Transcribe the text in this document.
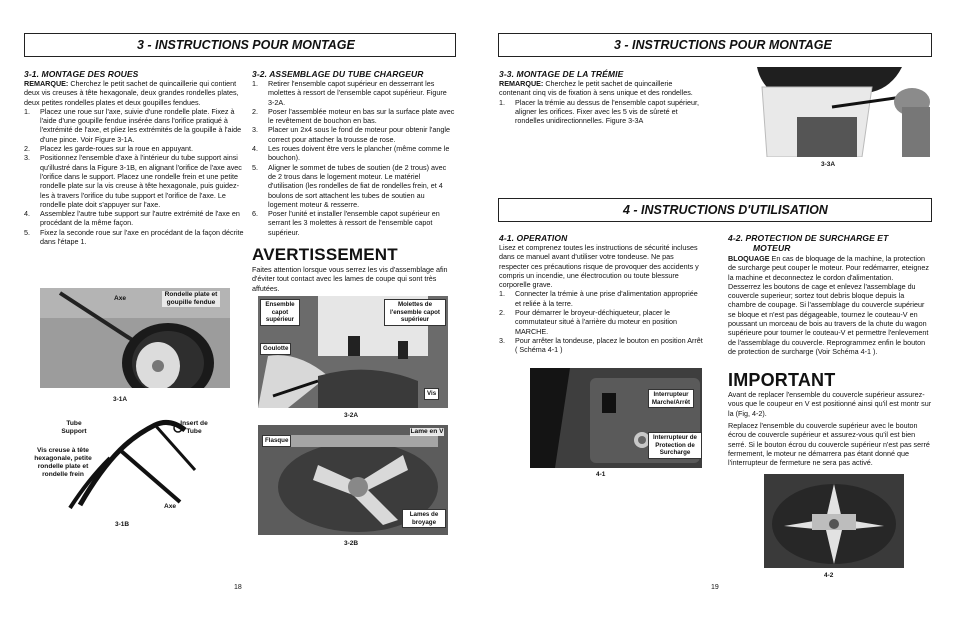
3 - INSTRUCTIONS POUR MONTAGE
3-1. MONTAGE DES ROUES

REMARQUE: Cherchez le petit sachet de quincaillerie qui contient deux vis creuses à tête hexagonale, deux grandes rondelles plates, deux petites rondelles plates et deux goupilles fendues.

1.	Placez une roue sur l'axe, suivie d'une rondelle plate. Fixez à l'aide d'une goupille fendue insérée dans l'orifice pratiqué à l'extrémité de l'axe, et pliez les extrémités de la goupille à l'aide d'une pince. Voir Figure 3-1A.
2.	Placez les garde-roues sur la roue en appuyant.
3.	Positionnez l'ensemble d'axe à l'intérieur du tube support ainsi qu'illustré dans la Figure 3-1B, en alignant l'orifice de l'axe avec l'orifice dans le support. Placez une rondelle frein et une petite rondelle plate sur la vis creuse à tête hexagonale, puis guidez-les à travers l'orifice du tube support et l'orifice de l'axe. Le rondelle plate doit s'appuyer sur l'axe.
4.	Assemblez l'autre tube support sur l'autre extrémité de l'axe en procédant de la même façon.
5.	Fixez la seconde roue sur l'axe en procédant de la façon décrite dans l'étape 1.
3-2. ASSEMBLAGE DU TUBE CHARGEUR
1.	Retirer l'ensemble capot supérieur en desserrant les molettes à ressort de l'ensemble capot supérieur. Figure 3-2A.
2.	Poser l'assemblée moteur en bas sur la surface plate avec le revêtement de bouchon en bas.
3.	Placer un 2x4 sous le fond de moteur pour obtenir l'angle correct pour attacher la trousse de rose.
4.	Les roues doivent être vers le plancher (même comme le bouchon).
5.	Aligner le sommet de tubes de soutien (de 2 trous) avec de 2 trous dans le logement moteur. Le matériel d'utilisation (les rondelles de fiat de rondelles frein, et 4 boulons de sort attachent les tubes de soutien au logement moteur & resserre.
6.	Poser l'unité et installer l'ensemble capot supérieur en serrant les 3 molettes à ressort de l'ensemble capot supérieur.
AVERTISSEMENT
Faites attention lorsque vous serrez les vis d'assemblage afin d'éviter tout contact avec les lames de coupe qui sont très affutées.
Axe
Rondelle plate et goupille fendue
3-1A
Tube Support
Insert de Tube
Vis creuse à tête hexagonale, petite rondelle plate et rondelle frein
Axe
3-1B
Ensemble capot supérieur
Molettes de l'ensemble capot supérieur
Goulotte
Vis
3-2A
Flasque
Lame en V
Lames de broyage
3-2B
18
3 - INSTRUCTIONS POUR MONTAGE
3-3. MONTAGE DE LA TRÉMIE

REMARQUE: Cherchez le petit sachet de quincaillerie contenant cinq vis de fixation à sens unique et des rondelles.

1.	Placer la trémie au dessus de l'ensemble capot supérieur, aligner les orifices. Fixer avec les 5 vis de sûreté et rondelles unidirectionnelles. Figure 3-3A
3-3A
4 - INSTRUCTIONS D'UTILISATION
4-1. OPERATION

Lisez et comprenez toutes les instructions de sécurité incluses dans ce manuel avant d'utiliser votre tondeuse. Ne pas respecter ces précautions risque de provoquer des accidents y compris un incendie, une électrocution ou toute blessure corporelle grave.

1.	Connecter la trémie à une prise d'alimentation appropriée et reliée à la terre.
2.	Pour démarrer le broyeur-déchiqueteur, placer le commutateur situé à l'arrière du moteur en position MARCHE.
3.	Pour arrêter la tondeuse, placez le bouton en position Arrêt ( Schéma 4-1 )
Interrupteur Marche/Arrêt
Interrupteur de Protection de Surcharge
4-1
4-2. PROTECTION DE SURCHARGE ET
MOTEUR

BLOQUAGE En cas de bloquage de la machine, la protection de surcharge peut couper le moteur. Pour redémarrer, eteignez la machine et deconnectez le cordon d'alimentation.

Desserrez les boutons de cage et enlevez l'assemblage du couvercle superieur; sortez tout debris bloque depuis la chambre de coupage. Si l'assemblage du couvercle supérieur se bloque et n'est pas dégageable, tournez le couteau-V en poussant un morceau de bois au travers de la chute du wagon supérieure pour tourner le couteau-V et permettre l'enlevement de l'assemblage du couvercle. Reprogrammez enfin le bouton de protection de surcharge (Voir Schéma 4-1 ).

IMPORTANT
Avant de replacer l'ensemble du couvercle supérieur assurez-vous que le coupeur en V est positionné ainsi qu'il est montr sur la (Fig, 4-2).
Replacez l'ensemble du couvercle supérieur avec le bouton écrou de couvercle supérieur et assurez-vous qu'il est bien serré. Si le bouton écrou du couvercle supérieur n'est pas serré fermement, le moteur ne démarrera pas étant donné que l'interrupteur de fermeture ne sera pas activé.
4-2
19
